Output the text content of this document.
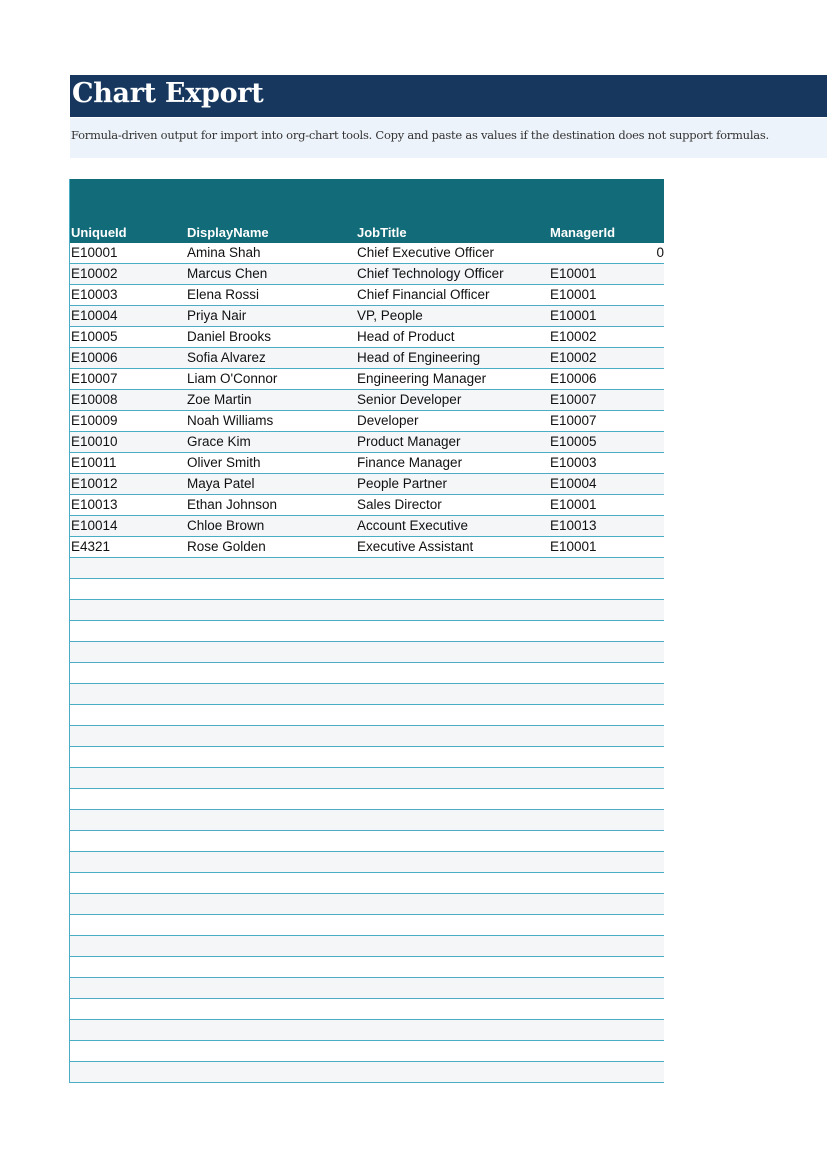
Chart Export
Formula-driven output for import into org-chart tools. Copy and paste as values if the destination does not support formulas.
UniqueId	DisplayName	JobTitle	ManagerId
E10001	Amina Shah	Chief Executive Officer	0
E10002	Marcus Chen	Chief Technology Officer	E10001
E10003	Elena Rossi	Chief Financial Officer	E10001
E10004	Priya Nair	VP, People	E10001
E10005	Daniel Brooks	Head of Product	E10002
E10006	Sofia Alvarez	Head of Engineering	E10002
E10007	Liam O'Connor	Engineering Manager	E10006
E10008	Zoe Martin	Senior Developer	E10007
E10009	Noah Williams	Developer	E10007
E10010	Grace Kim	Product Manager	E10005
E10011	Oliver Smith	Finance Manager	E10003
E10012	Maya Patel	People Partner	E10004
E10013	Ethan Johnson	Sales Director	E10001
E10014	Chloe Brown	Account Executive	E10013
E4321	Rose Golden	Executive Assistant	E10001
